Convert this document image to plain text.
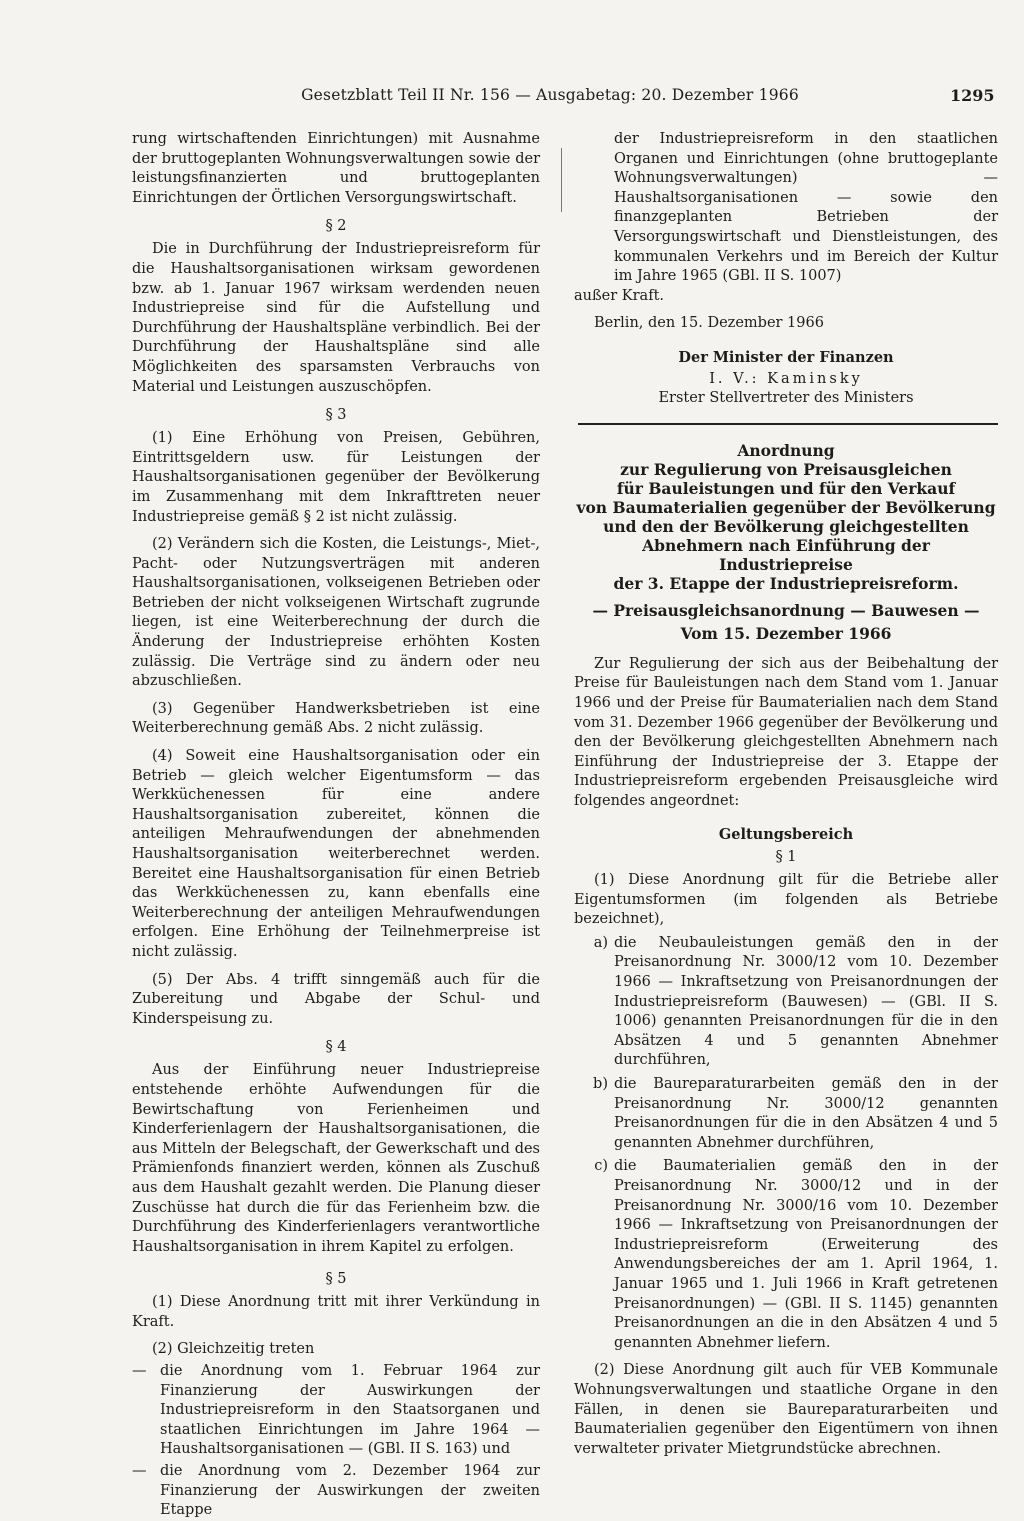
Gesetzblatt Teil II Nr. 156 — Ausgabetag: 20. Dezember 1966	1295

rung wirtschaftenden Einrichtungen) mit Ausnahme der bruttogeplanten Wohnungsverwaltungen sowie der leistungsfinanzierten und bruttogeplanten Einrichtungen der Örtlichen Versorgungswirtschaft.

§ 2

Die in Durchführung der Industriepreisreform für die Haushaltsorganisationen wirksam gewordenen bzw. ab 1. Januar 1967 wirksam werdenden neuen Industriepreise sind für die Aufstellung und Durchführung der Haushaltspläne verbindlich. Bei der Durchführung der Haushaltspläne sind alle Möglichkeiten des sparsamsten Verbrauchs von Material und Leistungen auszuschöpfen.

§ 3

(1) Eine Erhöhung von Preisen, Gebühren, Eintrittsgeldern usw. für Leistungen der Haushaltsorganisationen gegenüber der Bevölkerung im Zusammenhang mit dem Inkrafttreten neuer Industriepreise gemäß § 2 ist nicht zulässig.

(2) Verändern sich die Kosten, die Leistungs-, Miet-, Pacht- oder Nutzungsverträgen mit anderen Haushaltsorganisationen, volkseigenen Betrieben oder Betrieben der nicht volkseigenen Wirtschaft zugrunde liegen, ist eine Weiterberechnung der durch die Änderung der Industriepreise erhöhten Kosten zulässig. Die Verträge sind zu ändern oder neu abzuschließen.

(3) Gegenüber Handwerksbetrieben ist eine Weiterberechnung gemäß Abs. 2 nicht zulässig.

(4) Soweit eine Haushaltsorganisation oder ein Betrieb — gleich welcher Eigentumsform — das Werkküchenessen für eine andere Haushaltsorganisation zubereitet, können die anteiligen Mehraufwendungen der abnehmenden Haushaltsorganisation weiterberechnet werden. Bereitet eine Haushaltsorganisation für einen Betrieb das Werkküchenessen zu, kann ebenfalls eine Weiterberechnung der anteiligen Mehraufwendungen erfolgen. Eine Erhöhung der Teilnehmerpreise ist nicht zulässig.

(5) Der Abs. 4 trifft sinngemäß auch für die Zubereitung und Abgabe der Schul- und Kinderspeisung zu.

§ 4

Aus der Einführung neuer Industriepreise entstehende erhöhte Aufwendungen für die Bewirtschaftung von Ferienheimen und Kinderferienlagern der Haushaltsorganisationen, die aus Mitteln der Belegschaft, der Gewerkschaft und des Prämienfonds finanziert werden, können als Zuschuß aus dem Haushalt gezahlt werden. Die Planung dieser Zuschüsse hat durch die für das Ferienheim bzw. die Durchführung des Kinderferienlagers verantwortliche Haushaltsorganisation in ihrem Kapitel zu erfolgen.

§ 5

(1) Diese Anordnung tritt mit ihrer Verkündung in Kraft.

(2) Gleichzeitig treten

— die Anordnung vom 1. Februar 1964 zur Finanzierung der Auswirkungen der Industriepreisreform in den Staatsorganen und staatlichen Einrichtungen im Jahre 1964 — Haushaltsorganisationen — (GBl. II S. 163) und

— die Anordnung vom 2. Dezember 1964 zur Finanzierung der Auswirkungen der zweiten Etappe

der Industriepreisreform in den staatlichen Organen und Einrichtungen (ohne bruttogeplante Wohnungsverwaltungen) — Haushaltsorganisationen — sowie den finanzgeplanten Betrieben der Versorgungswirtschaft und Dienstleistungen, des kommunalen Verkehrs und im Bereich der Kultur im Jahre 1965 (GBl. II S. 1007)

außer Kraft.

Berlin, den 15. Dezember 1966

Der Minister der Finanzen

I. V.: Kaminsky

Erster Stellvertreter des Ministers

Anordnung

zur Regulierung von Preisausgleichen

für Bauleistungen und für den Verkauf

von Baumaterialien gegenüber der Bevölkerung

und den der Bevölkerung gleichgestellten

Abnehmern nach Einführung der Industriepreise

der 3. Etappe der Industriepreisreform.

— Preisausgleichsanordnung — Bauwesen —

Vom 15. Dezember 1966

Zur Regulierung der sich aus der Beibehaltung der Preise für Bauleistungen nach dem Stand vom 1. Januar 1966 und der Preise für Baumaterialien nach dem Stand vom 31. Dezember 1966 gegenüber der Bevölkerung und den der Bevölkerung gleichgestellten Abnehmern nach Einführung der Industriepreise der 3. Etappe der Industriepreisreform ergebenden Preisausgleiche wird folgendes angeordnet:

Geltungsbereich

§ 1

(1) Diese Anordnung gilt für die Betriebe aller Eigentumsformen (im folgenden als Betriebe bezeichnet),

a) die Neubauleistungen gemäß den in der Preisanordnung Nr. 3000/12 vom 10. Dezember 1966 — Inkraftsetzung von Preisanordnungen der Industriepreisreform (Bauwesen) — (GBl. II S. 1006) genannten Preisanordnungen für die in den Absätzen 4 und 5 genannten Abnehmer durchführen,

b) die Baureparaturarbeiten gemäß den in der Preisanordnung Nr. 3000/12 genannten Preisanordnungen für die in den Absätzen 4 und 5 genannten Abnehmer durchführen,

c) die Baumaterialien gemäß den in der Preisanordnung Nr. 3000/12 und in der Preisanordnung Nr. 3000/16 vom 10. Dezember 1966 — Inkraftsetzung von Preisanordnungen der Industriepreisreform (Erweiterung des Anwendungsbereiches der am 1. April 1964, 1. Januar 1965 und 1. Juli 1966 in Kraft getretenen Preisanordnungen) — (GBl. II S. 1145) genannten Preisanordnungen an die in den Absätzen 4 und 5 genannten Abnehmer liefern.

(2) Diese Anordnung gilt auch für VEB Kommunale Wohnungsverwaltungen und staatliche Organe in den Fällen, in denen sie Baureparaturarbeiten und Baumaterialien gegenüber den Eigentümern von ihnen verwalteter privater Mietgrundstücke abrechnen.
